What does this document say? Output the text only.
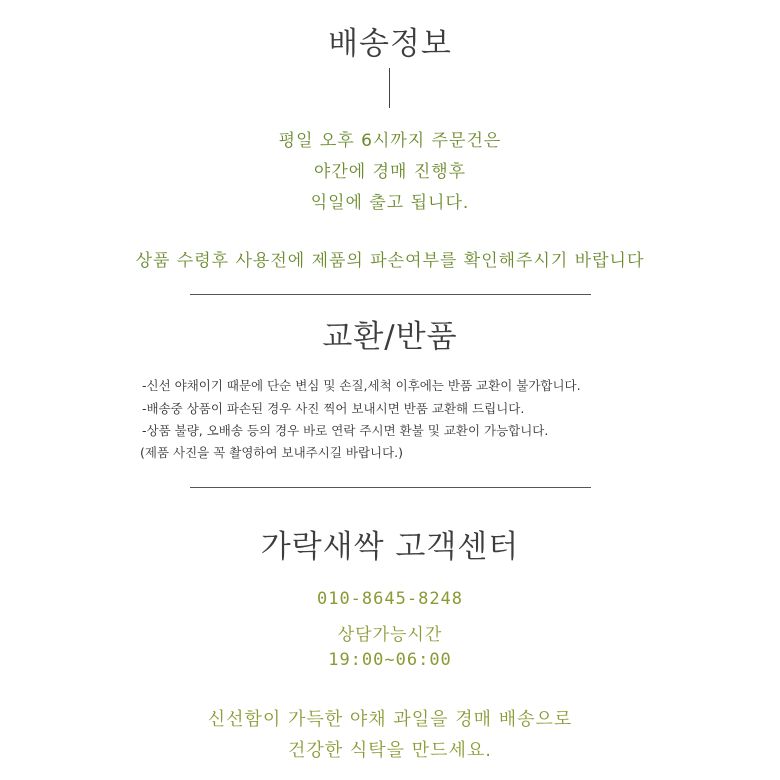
배송정보
평일 오후 6시까지 주문건은
야간에 경매 진행후
익일에 출고 됩니다.
상품 수령후 사용전에 제품의 파손여부를 확인해주시기 바랍니다
교환/반품
-신선 야채이기 때문에 단순 변심 및 손질,세척 이후에는 반품 교환이 불가합니다.
-배송중 상품이 파손된 경우 사진 찍어 보내시면 반품 교환해 드립니다.
-상품 불량, 오배송 등의 경우 바로 연락 주시면 환불 및 교환이 가능합니다.
(제품 사진을 꼭 촬영하여 보내주시길 바랍니다.)
가락새싹 고객센터
010-8645-8248
상담가능시간
19:00~06:00
신선함이 가득한 야채 과일을 경매 배송으로
건강한 식탁을 만드세요.
